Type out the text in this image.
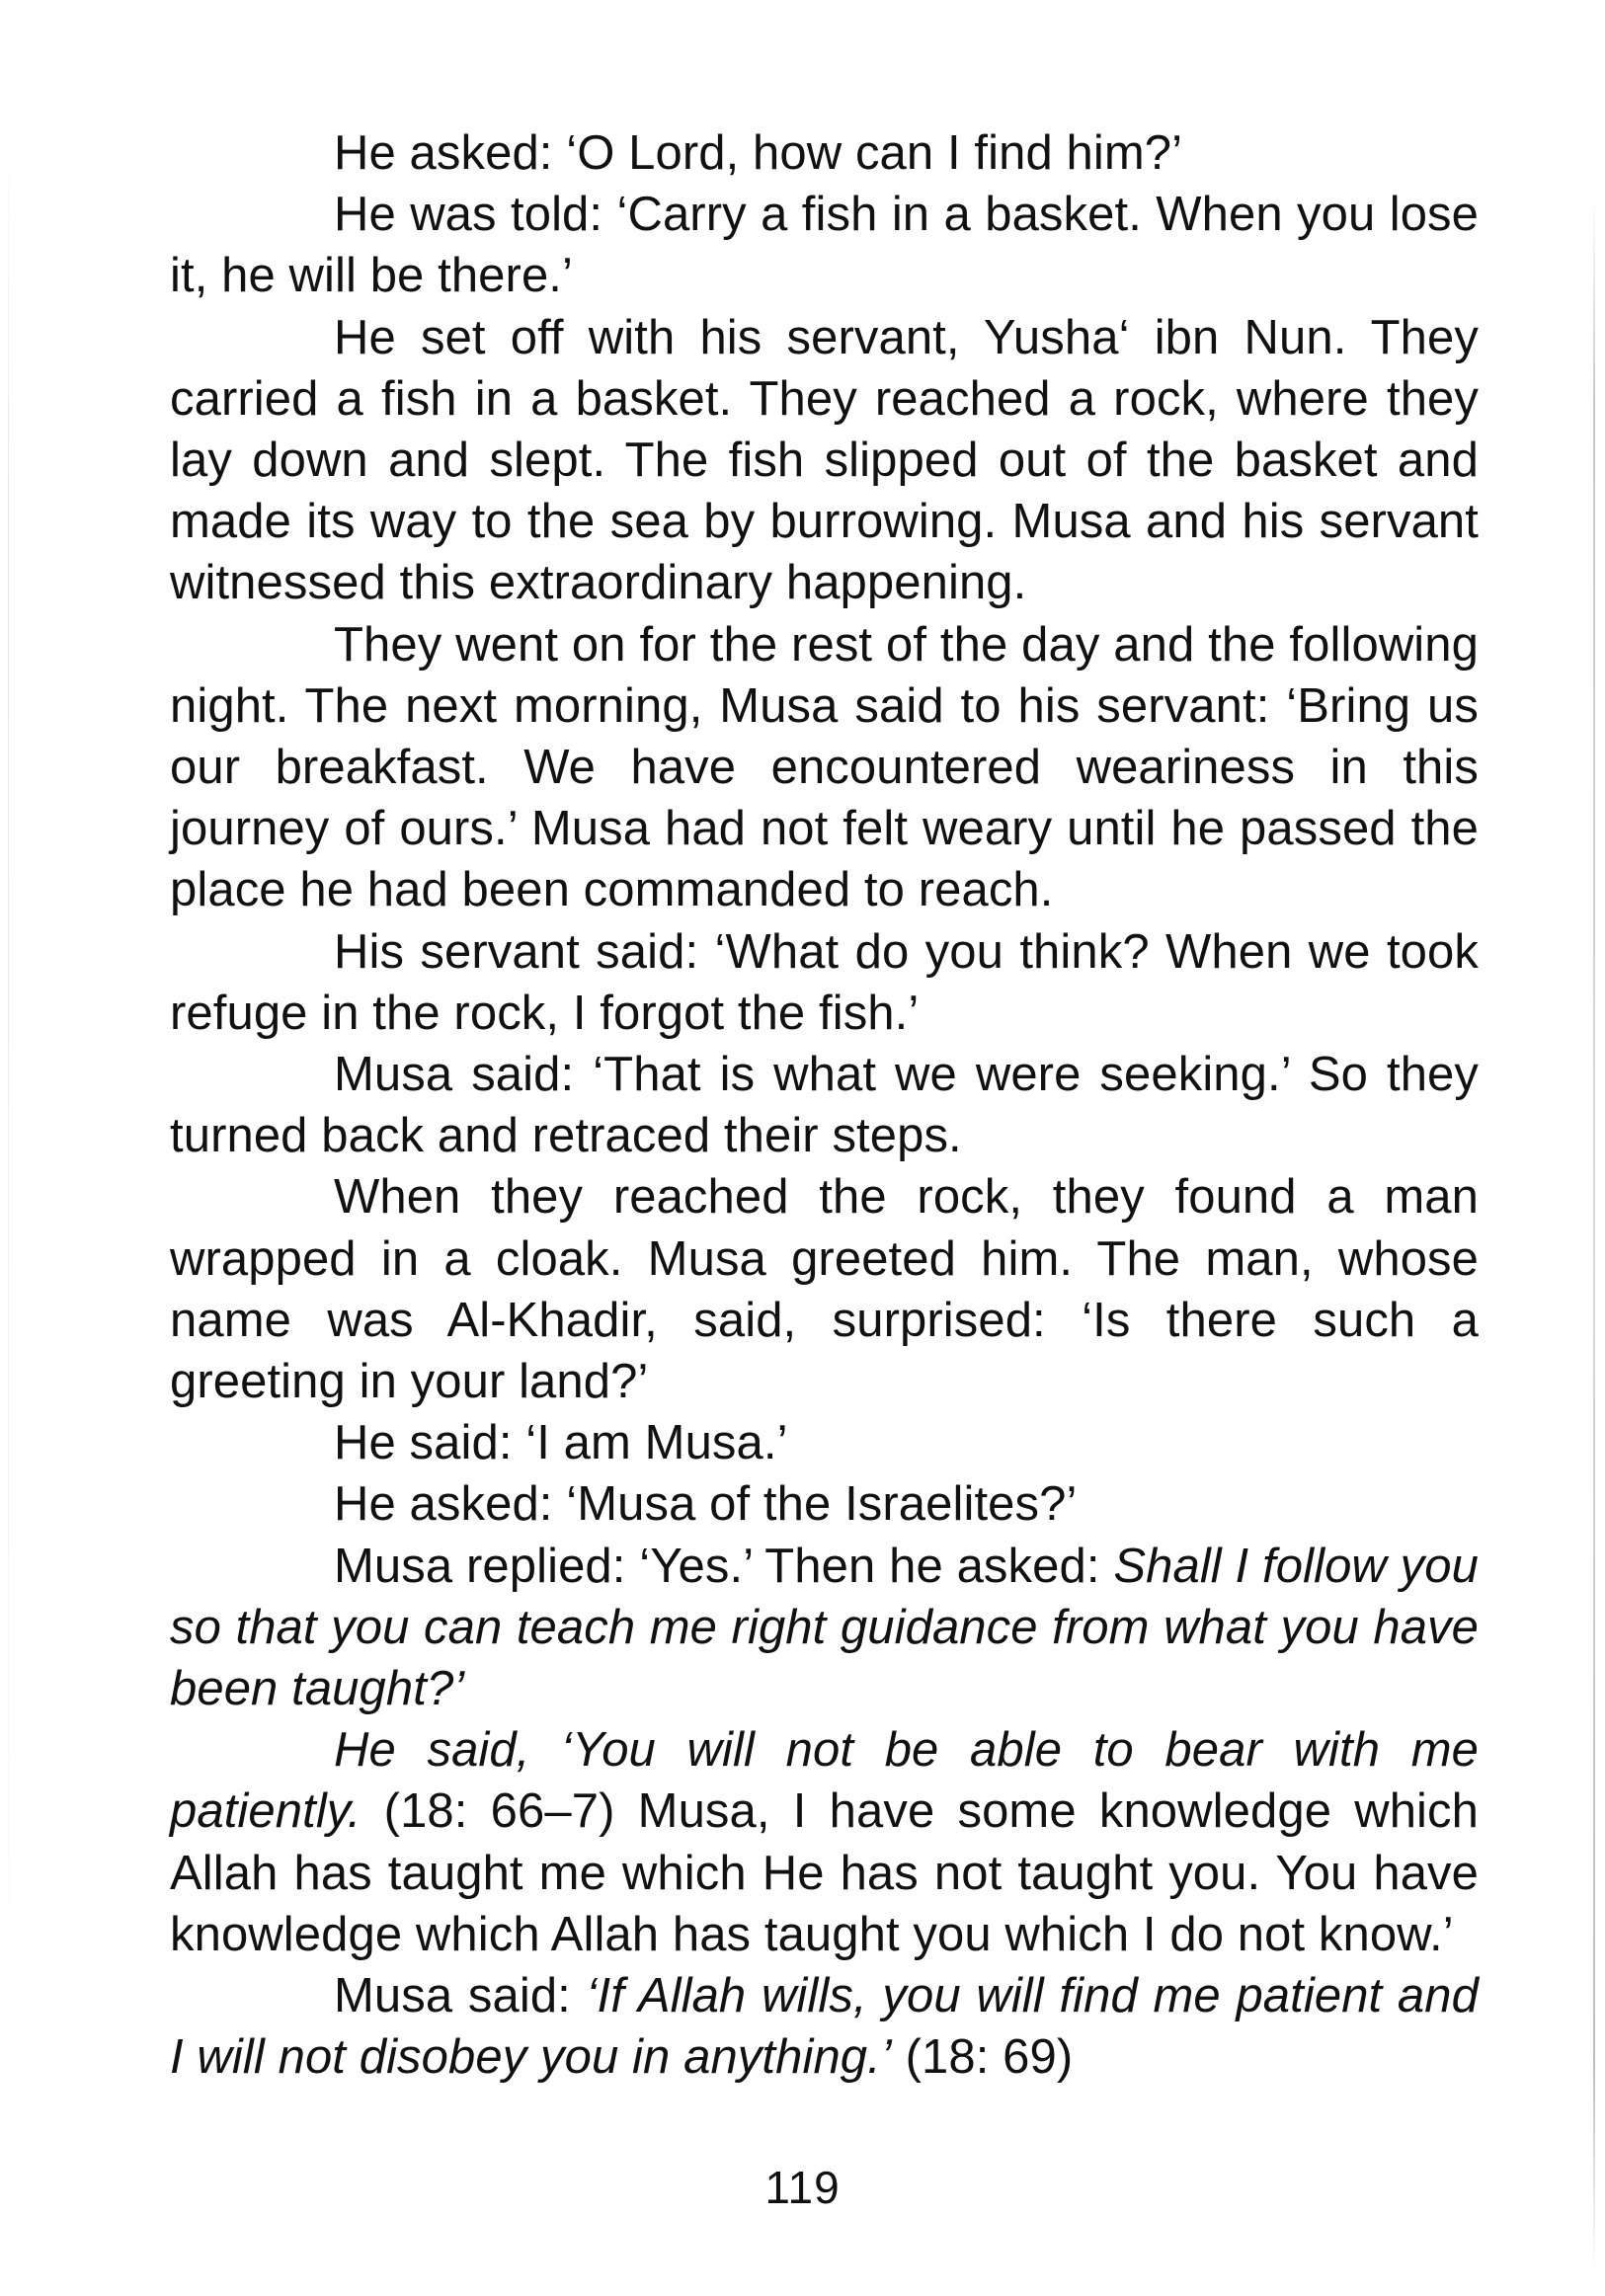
He asked: ‘O Lord, how can I find him?’

He was told: ‘Carry a fish in a basket. When you lose it, he will be there.’

He set off with his servant, Yusha‘ ibn Nun. They carried a fish in a basket. They reached a rock, where they lay down and slept. The fish slipped out of the basket and made its way to the sea by burrowing. Musa and his servant witnessed this extraordinary happening.

They went on for the rest of the day and the following night. The next morning, Musa said to his servant: ‘Bring us our breakfast. We have encountered weariness in this journey of ours.’ Musa had not felt weary until he passed the place he had been commanded to reach.

His servant said: ‘What do you think? When we took refuge in the rock, I forgot the fish.’

Musa said: ‘That is what we were seeking.’ So they turned back and retraced their steps.

When they reached the rock, they found a man wrapped in a cloak. Musa greeted him. The man, whose name was Al-Khadir, said, surprised: ‘Is there such a greeting in your land?’

He said: ‘I am Musa.’

He asked: ‘Musa of the Israelites?’

Musa replied: ‘Yes.’ Then he asked: Shall I follow you so that you can teach me right guidance from what you have been taught?’

He said, ‘You will not be able to bear with me patiently. (18: 66–7) Musa, I have some knowledge which Allah has taught me which He has not taught you. You have knowledge which Allah has taught you which I do not know.’

Musa said: ‘If Allah wills, you will find me patient and I will not disobey you in anything.’ (18: 69)

119
